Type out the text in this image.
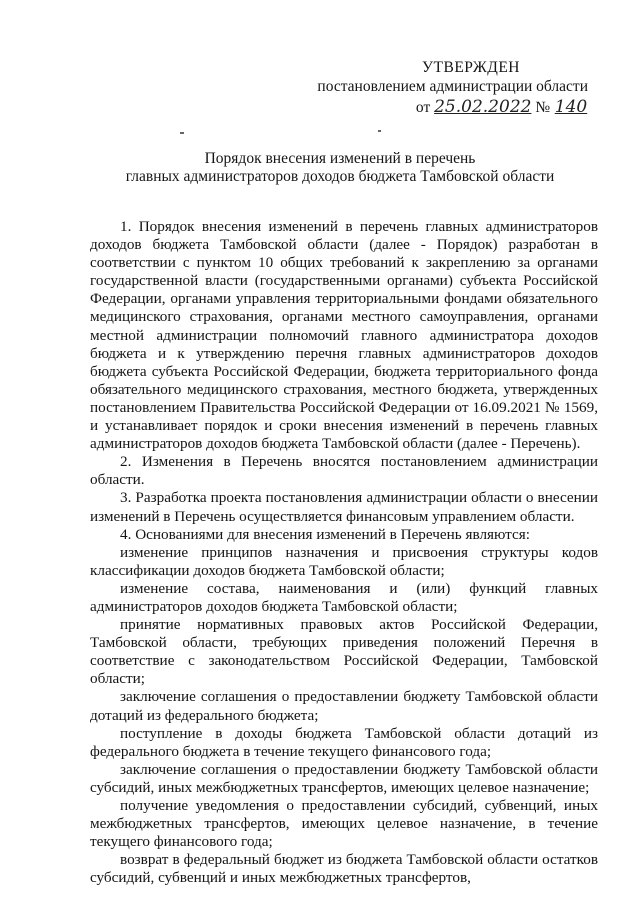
УТВЕРЖДЕН
постановлением администрации области
от 25.02.2022 № 140
Порядок внесения изменений в перечень
главных администраторов доходов бюджета Тамбовской области

1. Порядок внесения изменений в перечень главных администраторов доходов бюджета Тамбовской области (далее - Порядок) разработан в соответствии с пунктом 10 общих требований к закреплению за органами государственной власти (государственными органами) субъекта Российской Федерации, органами управления территориальными фондами обязательного медицинского страхования, органами местного самоуправления, органами местной администрации полномочий главного администратора доходов бюджета и к утверждению перечня главных администраторов доходов бюджета субъекта Российской Федерации, бюджета территориального фонда обязательного медицинского страхования, местного бюджета, утвержденных постановлением Правительства Российской Федерации от 16.09.2021 № 1569, и устанавливает порядок и сроки внесения изменений в перечень главных администраторов доходов бюджета Тамбовской области (далее - Перечень).

2. Изменения в Перечень вносятся постановлением администрации области.

3. Разработка проекта постановления администрации области о внесении изменений в Перечень осуществляется финансовым управлением области.

4. Основаниями для внесения изменений в Перечень являются:

изменение принципов назначения и присвоения структуры кодов классификации доходов бюджета Тамбовской области;

изменение состава, наименования и (или) функций главных администраторов доходов бюджета Тамбовской области;

принятие нормативных правовых актов Российской Федерации, Тамбовской области, требующих приведения положений Перечня в соответствие с законодательством Российской Федерации, Тамбовской области;

заключение соглашения о предоставлении бюджету Тамбовской области дотаций из федерального бюджета;

поступление в доходы бюджета Тамбовской области дотаций из федерального бюджета в течение текущего финансового года;

заключение соглашения о предоставлении бюджету Тамбовской области субсидий, иных межбюджетных трансфертов, имеющих целевое назначение;

получение уведомления о предоставлении субсидий, субвенций, иных межбюджетных трансфертов, имеющих целевое назначение, в течение текущего финансового года;

возврат в федеральный бюджет из бюджета Тамбовской области остатков субсидий, субвенций и иных межбюджетных трансфертов,
